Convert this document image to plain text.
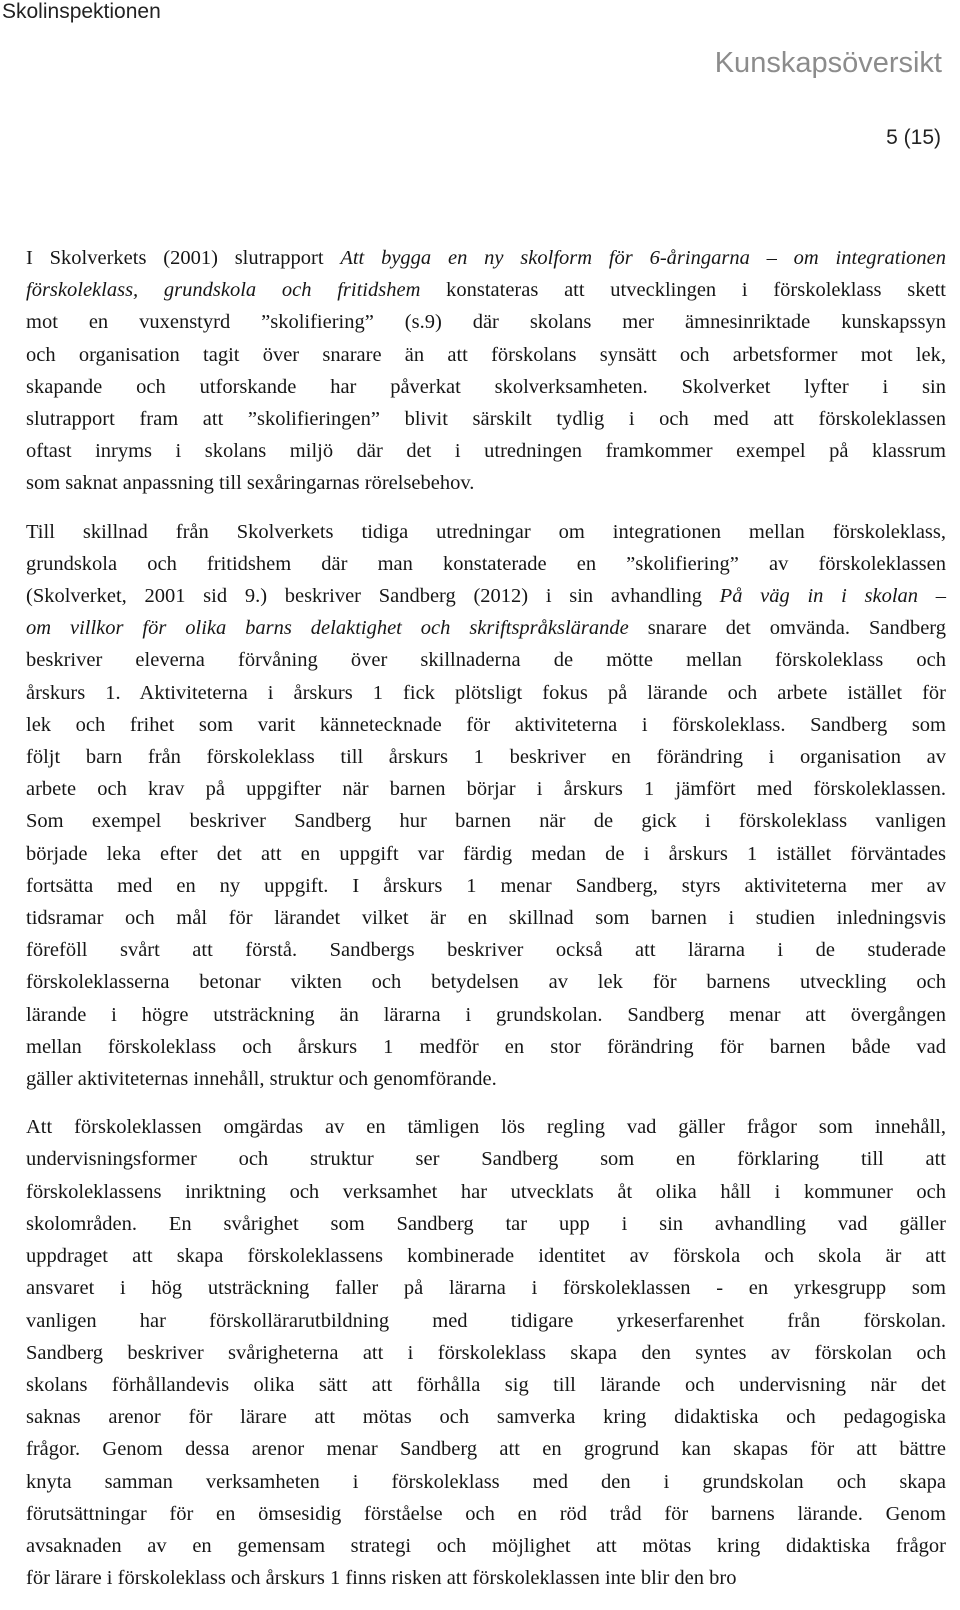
Skolinspektionen
Kunskapsöversikt
5 (15)

I Skolverkets (2001) slutrapport Att bygga en ny skolform för 6-åringarna – om integrationen
förskoleklass, grundskola och fritidshem konstateras att utvecklingen i förskoleklass skett
mot en vuxenstyrd ”skolifiering” (s.9) där skolans mer ämnesinriktade kunskapssyn
och organisation tagit över snarare än att förskolans synsätt och arbetsformer mot lek,
skapande och utforskande har påverkat skolverksamheten. Skolverket lyfter i sin
slutrapport fram att ”skolifieringen” blivit särskilt tydlig i och med att förskoleklassen
oftast inryms i skolans miljö där det i utredningen framkommer exempel på klassrum
som saknat anpassning till sexåringarnas rörelsebehov.

Till skillnad från Skolverkets tidiga utredningar om integrationen mellan förskoleklass,
grundskola och fritidshem där man konstaterade en ”skolifiering” av förskoleklassen
(Skolverket, 2001 sid 9.) beskriver Sandberg (2012) i sin avhandling På väg in i skolan –
om villkor för olika barns delaktighet och skriftspråkslärande snarare det omvända. Sandberg
beskriver eleverna förvåning över skillnaderna de mötte mellan förskoleklass och
årskurs 1. Aktiviteterna i årskurs 1 fick plötsligt fokus på lärande och arbete istället för
lek och frihet som varit kännetecknade för aktiviteterna i förskoleklass. Sandberg som
följt barn från förskoleklass till årskurs 1 beskriver en förändring i organisation av
arbete och krav på uppgifter när barnen börjar i årskurs 1 jämfört med förskoleklassen.
Som exempel beskriver Sandberg hur barnen när de gick i förskoleklass vanligen
började leka efter det att en uppgift var färdig medan de i årskurs 1 istället förväntades
fortsätta med en ny uppgift. I årskurs 1 menar Sandberg, styrs aktiviteterna mer av
tidsramar och mål för lärandet vilket är en skillnad som barnen i studien inledningsvis
föreföll svårt att förstå. Sandbergs beskriver också att lärarna i de studerade
förskoleklasserna betonar vikten och betydelsen av lek för barnens utveckling och
lärande i högre utsträckning än lärarna i grundskolan. Sandberg menar att övergången
mellan förskoleklass och årskurs 1 medför en stor förändring för barnen både vad
gäller aktiviteternas innehåll, struktur och genomförande.

Att förskoleklassen omgärdas av en tämligen lös regling vad gäller frågor som innehåll,
undervisningsformer och struktur ser Sandberg som en förklaring till att
förskoleklassens inriktning och verksamhet har utvecklats åt olika håll i kommuner och
skolområden. En svårighet som Sandberg tar upp i sin avhandling vad gäller
uppdraget att skapa förskoleklassens kombinerade identitet av förskola och skola är att
ansvaret i hög utsträckning faller på lärarna i förskoleklassen - en yrkesgrupp som
vanligen har förskollärarutbildning med tidigare yrkeserfarenhet från förskolan.
Sandberg beskriver svårigheterna att i förskoleklass skapa den syntes av förskolan och
skolans förhållandevis olika sätt att förhålla sig till lärande och undervisning när det
saknas arenor för lärare att mötas och samverka kring didaktiska och pedagogiska
frågor. Genom dessa arenor menar Sandberg att en grogrund kan skapas för att bättre
knyta samman verksamheten i förskoleklass med den i grundskolan och skapa
förutsättningar för en ömsesidig förståelse och en röd tråd för barnens lärande. Genom
avsaknaden av en gemensam strategi och möjlighet att mötas kring didaktiska frågor
för lärare i förskoleklass och årskurs 1 finns risken att förskoleklassen inte blir den bro
